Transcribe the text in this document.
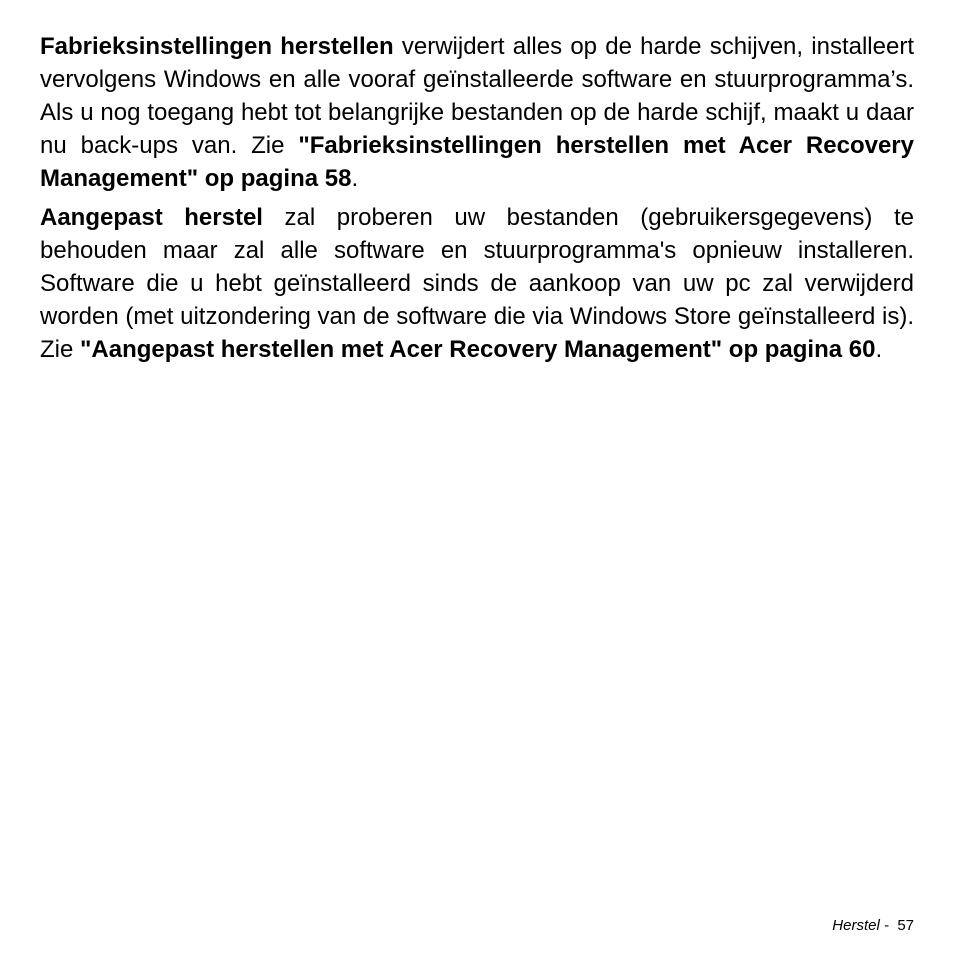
Fabrieksinstellingen herstellen verwijdert alles op de harde schijven, installeert vervolgens Windows en alle vooraf geïnstalleerde software en stuurprogramma’s. Als u nog toegang hebt tot belangrijke bestanden op de harde schijf, maakt u daar nu back-ups van. Zie "Fabrieksinstellingen herstellen met Acer Recovery Management" op pagina 58.

Aangepast herstel zal proberen uw bestanden (gebruikersgegevens) te behouden maar zal alle software en stuurprogramma's opnieuw installeren. Software die u hebt geïnstalleerd sinds de aankoop van uw pc zal verwijderd worden (met uitzondering van de software die via Windows Store geïnstalleerd is). Zie "Aangepast herstellen met Acer Recovery Management" op pagina 60.

Herstel -  57
